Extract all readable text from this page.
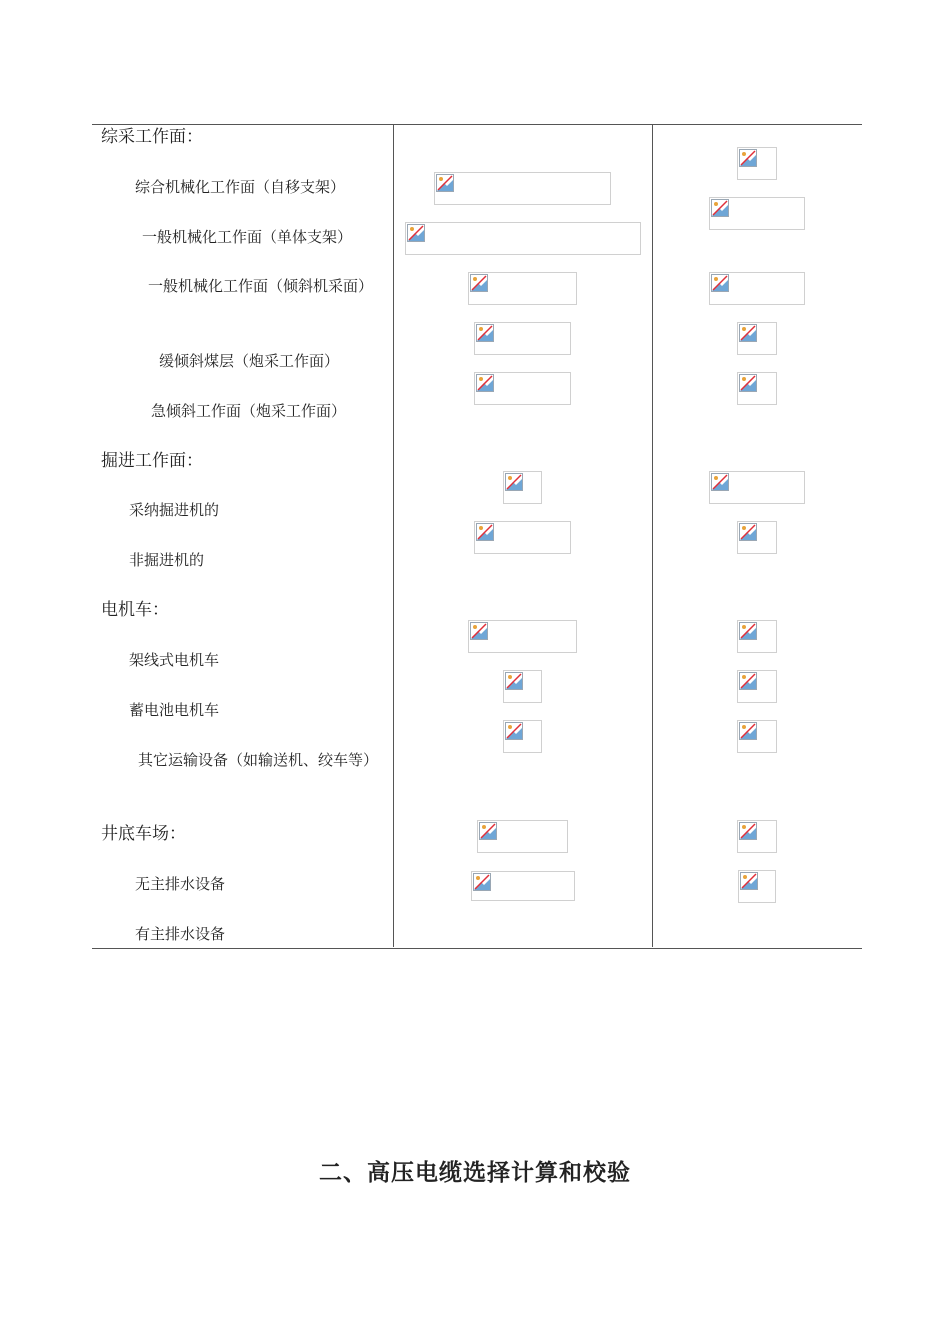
综采工作面：
综合机械化工作面（自移支架）
一般机械化工作面（单体支架）
一般机械化工作面（倾斜机采面）
缓倾斜煤层（炮采工作面）
急倾斜工作面（炮采工作面）
掘进工作面：
采纳掘进机的
非掘进机的
电机车：
架线式电机车
蓄电池电机车
其它运输设备（如输送机、绞车等）
井底车场：
无主排水设备
有主排水设备
二、高压电缆选择计算和校验
